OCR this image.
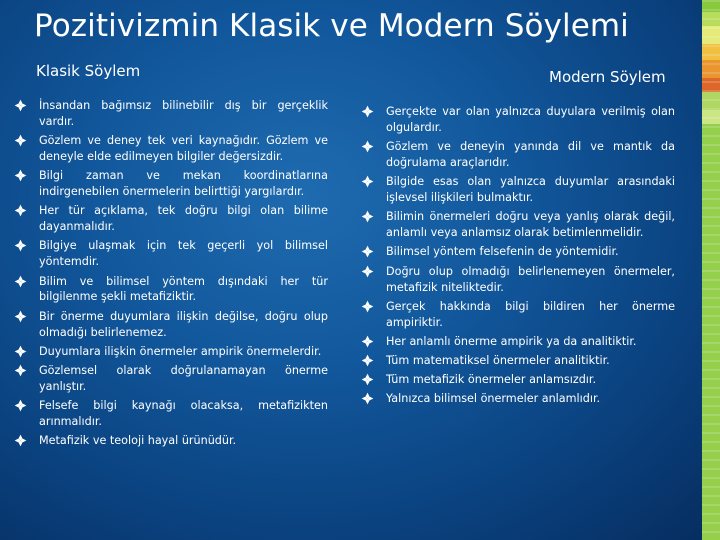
Pozitivizmin Klasik ve Modern Söylemi
Klasik Söylem	Modern Söylem
İnsandan bağımsız bilinebilir dış bir gerçeklik vardır.
Gözlem ve deney tek veri kaynağıdır. Gözlem ve deneyle elde edilmeyen bilgiler değersizdir.
Bilgi zaman ve mekan koordinatlarına indirgenebilen önermelerin belirttiği yargılardır.
Her tür açıklama, tek doğru bilgi olan bilime dayanmalıdır.
Bilgiye ulaşmak için tek geçerli yol bilimsel yöntemdir.
Bilim ve bilimsel yöntem dışındaki her tür bilgilenme şekli metafiziktir.
Bir önerme duyumlara ilişkin değilse, doğru olup olmadığı belirlenemez.
Duyumlara ilişkin önermeler ampirik önermelerdir.
Gözlemsel olarak doğrulanamayan önerme yanlıştır.
Felsefe bilgi kaynağı olacaksa, metafizikten arınmalıdır.
Metafizik ve teoloji hayal ürünüdür.
Gerçekte var olan yalnızca duyulara verilmiş olan olgulardır.
Gözlem ve deneyin yanında dil ve mantık da doğrulama araçlarıdır.
Bilgide esas olan yalnızca duyumlar arasındaki işlevsel ilişkileri bulmaktır.
Bilimin önermeleri doğru veya yanlış olarak değil, anlamlı veya anlamsız olarak betimlenmelidir.
Bilimsel yöntem felsefenin de yöntemidir.
Doğru olup olmadığı belirlenemeyen önermeler, metafizik niteliktedir.
Gerçek hakkında bilgi bildiren her önerme ampiriktir.
Her anlamlı önerme ampirik ya da analitiktir.
Tüm matematiksel önermeler analitiktir.
Tüm metafizik önermeler anlamsızdır.
Yalnızca bilimsel önermeler anlamlıdır.
